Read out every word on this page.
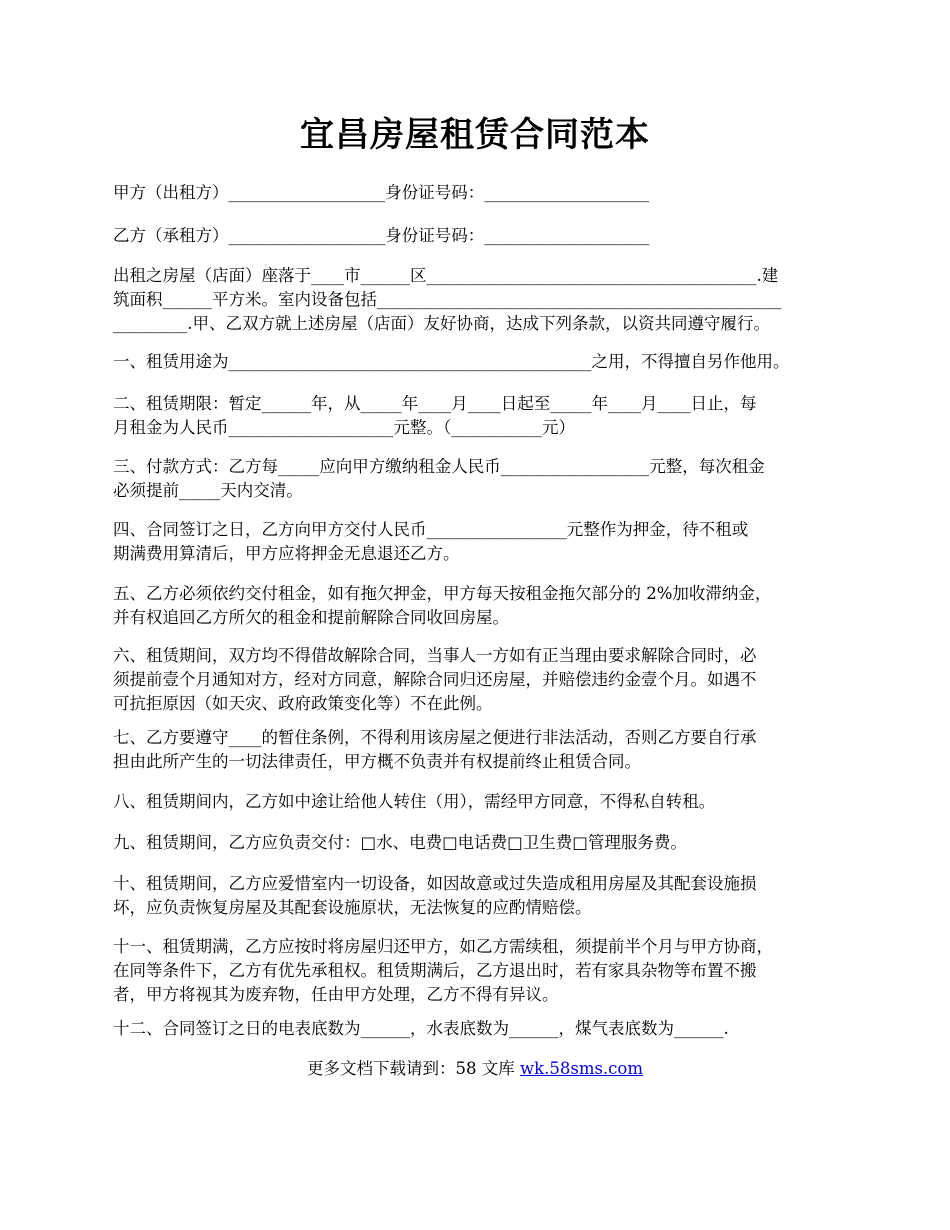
宜昌房屋租赁合同范本

甲方（出租方）___________________身份证号码：____________________

乙方（承租方）___________________身份证号码：____________________

出租之房屋（店面）座落于____市______区________________________________________.建
筑面积______平方米。室内设备包括_________________________________________________
_________.甲、乙双方就上述房屋（店面）友好协商，达成下列条款，以资共同遵守履行。

一、租赁用途为____________________________________________之用，不得擅自另作他用。

二、租赁期限：暂定______年，从_____年____月____日起至_____年____月____日止，每
月租金为人民币____________________元整。（___________元）

三、付款方式：乙方每_____应向甲方缴纳租金人民币__________________元整，每次租金
必须提前_____天内交清。

四、合同签订之日，乙方向甲方交付人民币_________________元整作为押金，待不租或
期满费用算清后，甲方应将押金无息退还乙方。

五、乙方必须依约交付租金，如有拖欠押金，甲方每天按租金拖欠部分的 2%加收滞纳金，
并有权追回乙方所欠的租金和提前解除合同收回房屋。

六、租赁期间，双方均不得借故解除合同，当事人一方如有正当理由要求解除合同时，必
须提前壹个月通知对方，经对方同意，解除合同归还房屋，并赔偿违约金壹个月。如遇不
可抗拒原因（如天灾、政府政策变化等）不在此例。

七、乙方要遵守____的暂住条例，不得利用该房屋之便进行非法活动，否则乙方要自行承
担由此所产生的一切法律责任，甲方概不负责并有权提前终止租赁合同。

八、租赁期间内，乙方如中途让给他人转住（用），需经甲方同意，不得私自转租。

九、租赁期间，乙方应负责交付：□水、电费□电话费□卫生费□管理服务费。

十、租赁期间，乙方应爱惜室内一切设备，如因故意或过失造成租用房屋及其配套设施损
坏，应负责恢复房屋及其配套设施原状，无法恢复的应酌情赔偿。

十一、租赁期满，乙方应按时将房屋归还甲方，如乙方需续租，须提前半个月与甲方协商，
在同等条件下，乙方有优先承租权。租赁期满后，乙方退出时，若有家具杂物等布置不搬
者，甲方将视其为废弃物，任由甲方处理，乙方不得有异议。

十二、合同签订之日的电表底数为______，水表底数为______，煤气表底数为______.

更多文档下载请到：58 文库 wk.58sms.com
